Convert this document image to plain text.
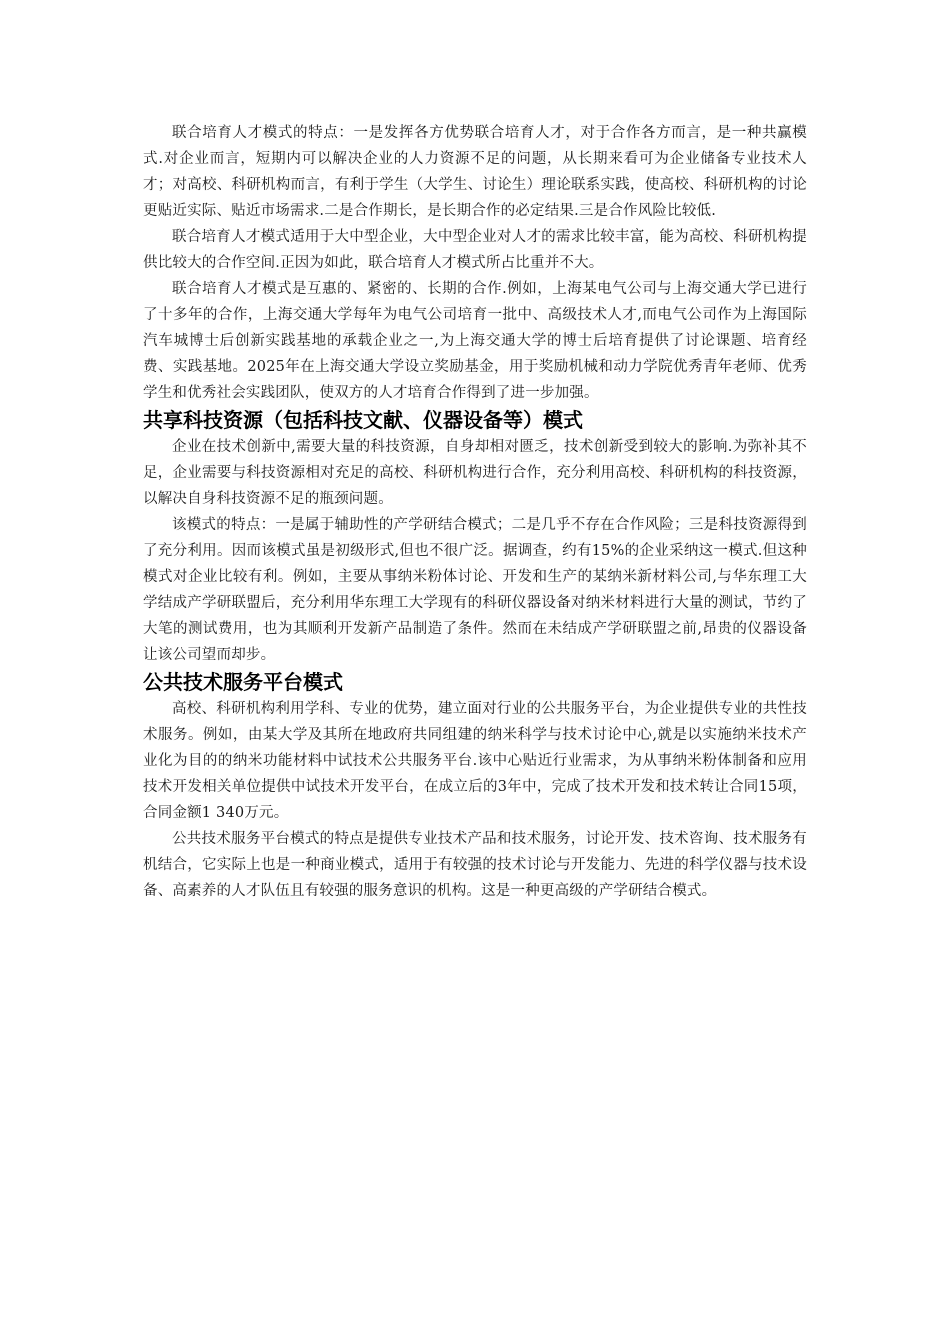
联合培育人才模式的特点：一是发挥各方优势联合培育人才，对于合作各方而言，是一种共赢模式.对企业而言，短期内可以解决企业的人力资源不足的问题，从长期来看可为企业储备专业技术人才；对高校、科研机构而言，有利于学生（大学生、讨论生）理论联系实践，使高校、科研机构的讨论更贴近实际、贴近市场需求.二是合作期长，是长期合作的必定结果.三是合作风险比较低.

联合培育人才模式适用于大中型企业，大中型企业对人才的需求比较丰富，能为高校、科研机构提供比较大的合作空间.正因为如此，联合培育人才模式所占比重并不大。

联合培育人才模式是互惠的、紧密的、长期的合作.例如，上海某电气公司与上海交通大学已进行了十多年的合作，上海交通大学每年为电气公司培育一批中、高级技术人才,而电气公司作为上海国际汽车城博士后创新实践基地的承载企业之一,为上海交通大学的博士后培育提供了讨论课题、培育经费、实践基地。2025年在上海交通大学设立奖励基金，用于奖励机械和动力学院优秀青年老师、优秀学生和优秀社会实践团队，使双方的人才培育合作得到了进一步加强。

共享科技资源（包括科技文献、仪器设备等）模式

企业在技术创新中,需要大量的科技资源，自身却相对匮乏，技术创新受到较大的影响.为弥补其不足，企业需要与科技资源相对充足的高校、科研机构进行合作，充分利用高校、科研机构的科技资源，以解决自身科技资源不足的瓶颈问题。

该模式的特点：一是属于辅助性的产学研结合模式；二是几乎不存在合作风险；三是科技资源得到了充分利用。因而该模式虽是初级形式,但也不很广泛。据调查，约有15%的企业采纳这一模式.但这种模式对企业比较有利。例如，主要从事纳米粉体讨论、开发和生产的某纳米新材料公司,与华东理工大学结成产学研联盟后，充分利用华东理工大学现有的科研仪器设备对纳米材料进行大量的测试，节约了大笔的测试费用，也为其顺利开发新产品制造了条件。然而在未结成产学研联盟之前,昂贵的仪器设备让该公司望而却步。

公共技术服务平台模式

高校、科研机构利用学科、专业的优势，建立面对行业的公共服务平台，为企业提供专业的共性技术服务。例如，由某大学及其所在地政府共同组建的纳米科学与技术讨论中心,就是以实施纳米技术产业化为目的的纳米功能材料中试技术公共服务平台.该中心贴近行业需求，为从事纳米粉体制备和应用技术开发相关单位提供中试技术开发平台，在成立后的3年中，完成了技术开发和技术转让合同15项，合同金额1 340万元。

公共技术服务平台模式的特点是提供专业技术产品和技术服务，讨论开发、技术咨询、技术服务有机结合，它实际上也是一种商业模式，适用于有较强的技术讨论与开发能力、先进的科学仪器与技术设备、高素养的人才队伍且有较强的服务意识的机构。这是一种更高级的产学研结合模式。
